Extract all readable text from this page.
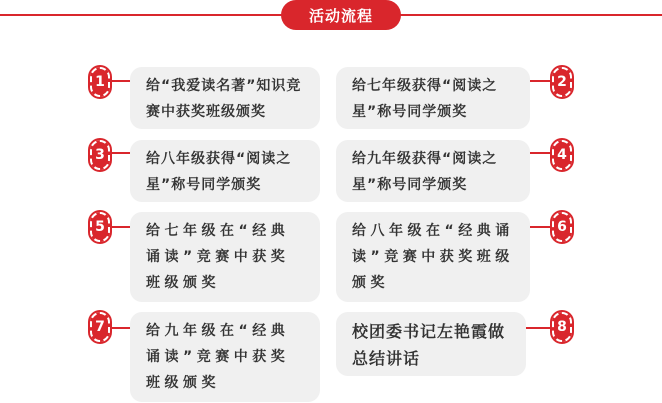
活动流程
给“我爱读名著”知识竞赛中获奖班级颁奖
1	给七年级获得“阅读之星”称号同学颁奖
2
给八年级获得“阅读之星”称号同学颁奖
3	给九年级获得“阅读之星”称号同学颁奖
4
给七年级在“经典诵读”竞赛中获奖班级颁奖
5	给八年级在“经典诵读”竞赛中获奖班级颁奖
6
给九年级在“经典诵读”竞赛中获奖班级颁奖
7	校团委书记左艳霞做总结讲话
8
